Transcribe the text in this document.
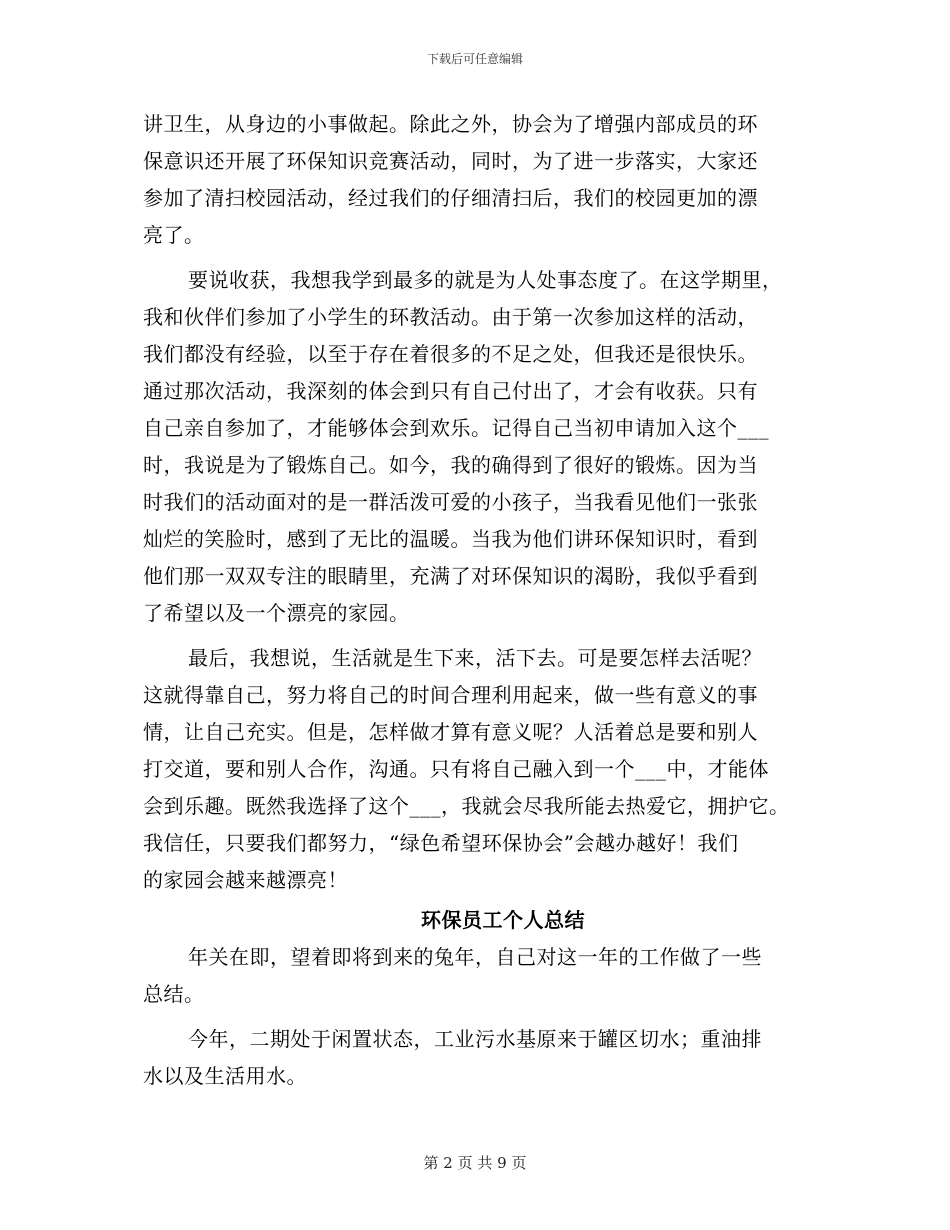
下载后可任意编辑
讲卫生，从身边的小事做起。除此之外，协会为了增强内部成员的环
保意识还开展了环保知识竞赛活动，同时，为了进一步落实，大家还
参加了清扫校园活动，经过我们的仔细清扫后，我们的校园更加的漂
亮了。
要说收获，我想我学到最多的就是为人处事态度了。在这学期里，
我和伙伴们参加了小学生的环教活动。由于第一次参加这样的活动，
我们都没有经验，以至于存在着很多的不足之处，但我还是很快乐。
通过那次活动，我深刻的体会到只有自己付出了，才会有收获。只有
自己亲自参加了，才能够体会到欢乐。记得自己当初申请加入这个___
时，我说是为了锻炼自己。如今，我的确得到了很好的锻炼。因为当
时我们的活动面对的是一群活泼可爱的小孩子，当我看见他们一张张
灿烂的笑脸时，感到了无比的温暖。当我为他们讲环保知识时，看到
他们那一双双专注的眼睛里，充满了对环保知识的渴盼，我似乎看到
了希望以及一个漂亮的家园。
最后，我想说，生活就是生下来，活下去。可是要怎样去活呢？
这就得靠自己，努力将自己的时间合理利用起来，做一些有意义的事
情，让自己充实。但是，怎样做才算有意义呢？人活着总是要和别人
打交道，要和别人合作，沟通。只有将自己融入到一个___中，才能体
会到乐趣。既然我选择了这个___，我就会尽我所能去热爱它，拥护它。
我信任，只要我们都努力，“绿色希望环保协会”会越办越好！我们
的家园会越来越漂亮！
环保员工个人总结
年关在即，望着即将到来的兔年，自己对这一年的工作做了一些
总结。
今年，二期处于闲置状态，工业污水基原来于罐区切水；重油排
水以及生活用水。
第 2 页 共 9 页
